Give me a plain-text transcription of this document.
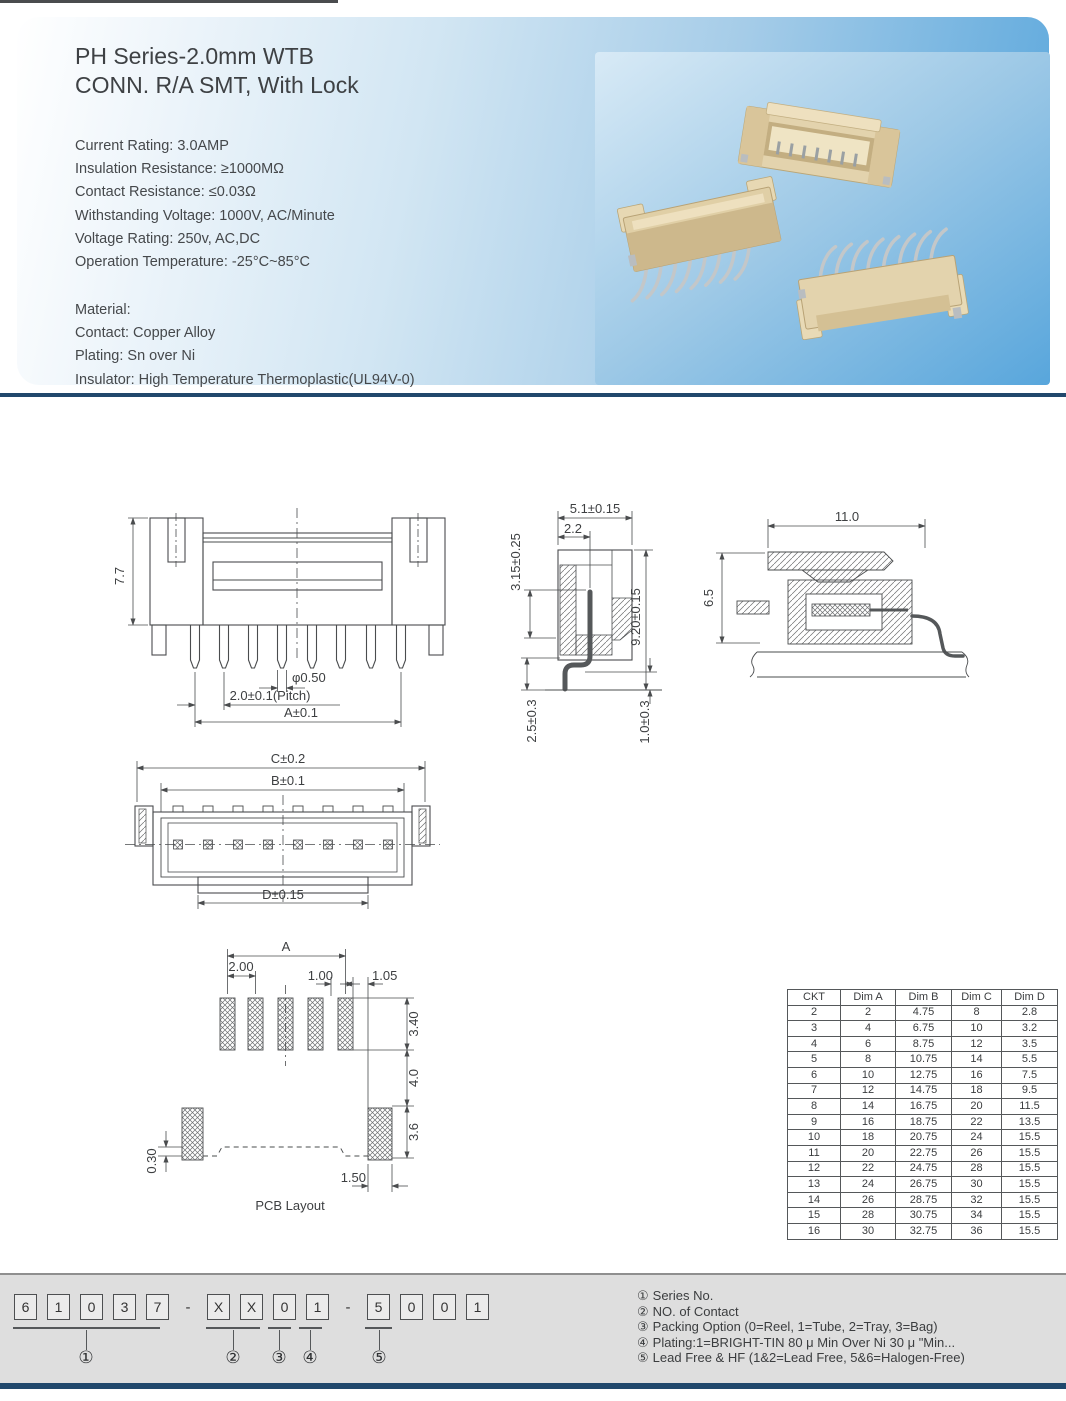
PH Series-2.0mm WTB
CONN. R/A SMT, With Lock
Current Rating: 3.0AMP
Insulation Resistance: ≥1000MΩ
Contact Resistance: ≤0.03Ω
Withstanding Voltage: 1000V, AC/Minute
Voltage Rating: 250v, AC,DC
Operation Temperature: -25°C~85°C
Material:
Contact: Copper Alloy
Plating: Sn over Ni
Insulator: High Temperature Thermoplastic(UL94V-0)
7.7
φ0.50
2.0±0.1(Pitch)
A±0.1
5.1±0.15
2.2
3.15±0.25
9.20±0.15
2.5±0.3	1.0±0.3
11.0
6.5
C±0.2
B±0.1
D±0.15
A
2.00
1.00	1.05
3.40
4.0
3.6
0.30
1.50
PCB Layout
CKT	Dim A	Dim B	Dim C	Dim D
2	2	4.75	8	2.8
3	4	6.75	10	3.2
4	6	8.75	12	3.5
5	8	10.75	14	5.5
6	10	12.75	16	7.5
7	12	14.75	18	9.5
8	14	16.75	20	11.5
9	16	18.75	22	13.5
10	18	20.75	24	15.5
11	20	22.75	26	15.5
12	22	24.75	28	15.5
13	24	26.75	30	15.5
14	26	28.75	32	15.5
15	28	30.75	34	15.5
16	30	32.75	36	15.5
6	1	0	3	7
①
-	X	X	0	1
② ③ ④
-	5	0	0	1
⑤
① Series No.
② NO. of Contact
③ Packing Option (0=Reel, 1=Tube, 2=Tray, 3=Bag)
④ Plating:1=BRIGHT-TIN 80 μ Min Over Ni 30 μ "Min...
⑤ Lead Free & HF (1&2=Lead Free, 5&6=Halogen-Free)
